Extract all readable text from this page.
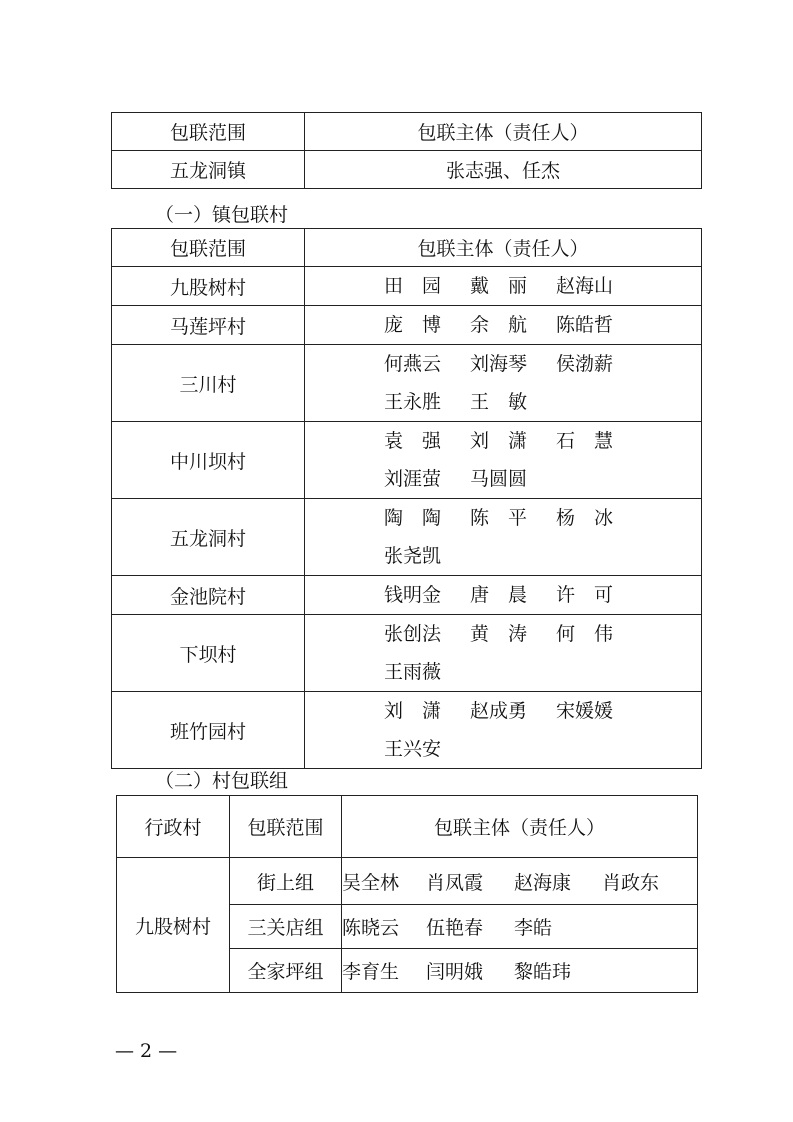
包联范围	包联主体（责任人）
五龙洞镇	张志强、任杰
（一）镇包联村
包联范围	包联主体（责任人）
九股树村	田　园 戴　丽 赵海山

马莲坪村	庞　博 余　航 陈皓哲

三川村	何燕云 刘海琴 侯渤薪
王永胜 王　敏

中川坝村	袁　强 刘　潇 石　慧
刘涯萤 马圆圆

五龙洞村	陶　陶 陈　平 杨　冰
张尧凯

金池院村	钱明金 唐　晨 许　可

下坝村	张创法 黄　涛 何　伟
王雨薇

班竹园村	刘　潇 赵成勇 宋媛媛
王兴安
（二）村包联组
行政村	包联范围	包联主体（责任人）
九股树村	街上组	吴全林 肖凤霞 赵海康 肖政东
	三关店组	陈晓云 伍艳春 李皓
	全家坪组	李育生 闫明娥 黎皓玮
— 2 —
